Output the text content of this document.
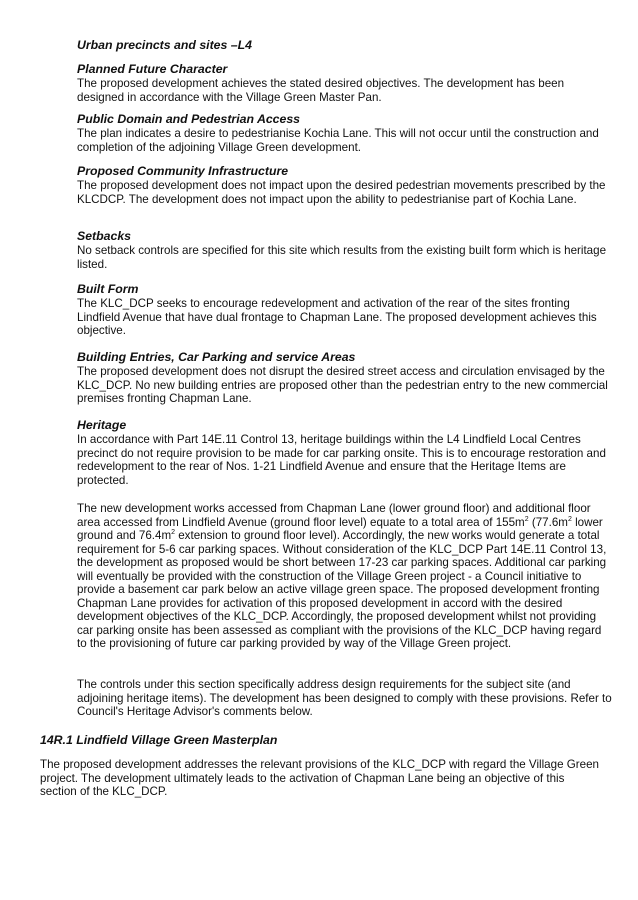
Urban precincts and sites –L4

Planned Future Character

The proposed development achieves the stated desired objectives. The development has been designed in accordance with the Village Green Master Pan.

Public Domain and Pedestrian Access

The plan indicates a desire to pedestrianise Kochia Lane. This will not occur until the construction and completion of the adjoining Village Green development.

Proposed Community Infrastructure

The proposed development does not impact upon the desired pedestrian movements prescribed by the KLCDCP. The development does not impact upon the ability to pedestrianise part of Kochia Lane.

Setbacks

No setback controls are specified for this site which results from the existing built form which is heritage listed.

Built Form

The KLC_DCP seeks to encourage redevelopment and activation of the rear of the sites fronting Lindfield Avenue that have dual frontage to Chapman Lane. The proposed development achieves this objective.

Building Entries, Car Parking and service Areas

The proposed development does not disrupt the desired street access and circulation envisaged by the KLC_DCP. No new building entries are proposed other than the pedestrian entry to the new commercial premises fronting Chapman Lane.

Heritage

In accordance with Part 14E.11 Control 13, heritage buildings within the L4 Lindfield Local Centres precinct do not require provision to be made for car parking onsite. This is to encourage restoration and redevelopment to the rear of Nos. 1-21 Lindfield Avenue and ensure that the Heritage Items are protected.

The new development works accessed from Chapman Lane (lower ground floor) and additional floor area accessed from Lindfield Avenue (ground floor level) equate to a total area of $155m^2$ ($77.6m^2$ lower ground and $76.4m^2$ extension to ground floor level). Accordingly, the new works would generate a total requirement for 5-6 car parking spaces. Without consideration of the KLC_DCP Part 14E.11 Control 13, the development as proposed would be short between 17-23 car parking spaces. Additional car parking will eventually be provided with the construction of the Village Green project - a Council initiative to provide a basement car park below an active village green space. The proposed development fronting Chapman Lane provides for activation of this proposed development in accord with the desired development objectives of the KLC_DCP. Accordingly, the proposed development whilst not providing car parking onsite has been assessed as compliant with the provisions of the KLC_DCP having regard to the provisioning of future car parking provided by way of the Village Green project.

The controls under this section specifically address design requirements for the subject site (and adjoining heritage items). The development has been designed to comply with these provisions. Refer to Council's Heritage Advisor's comments below.

14R.1 Lindfield Village Green Masterplan

The proposed development addresses the relevant provisions of the KLC_DCP with regard the Village Green project. The development ultimately leads to the activation of Chapman Lane being an objective of this section of the KLC_DCP.
